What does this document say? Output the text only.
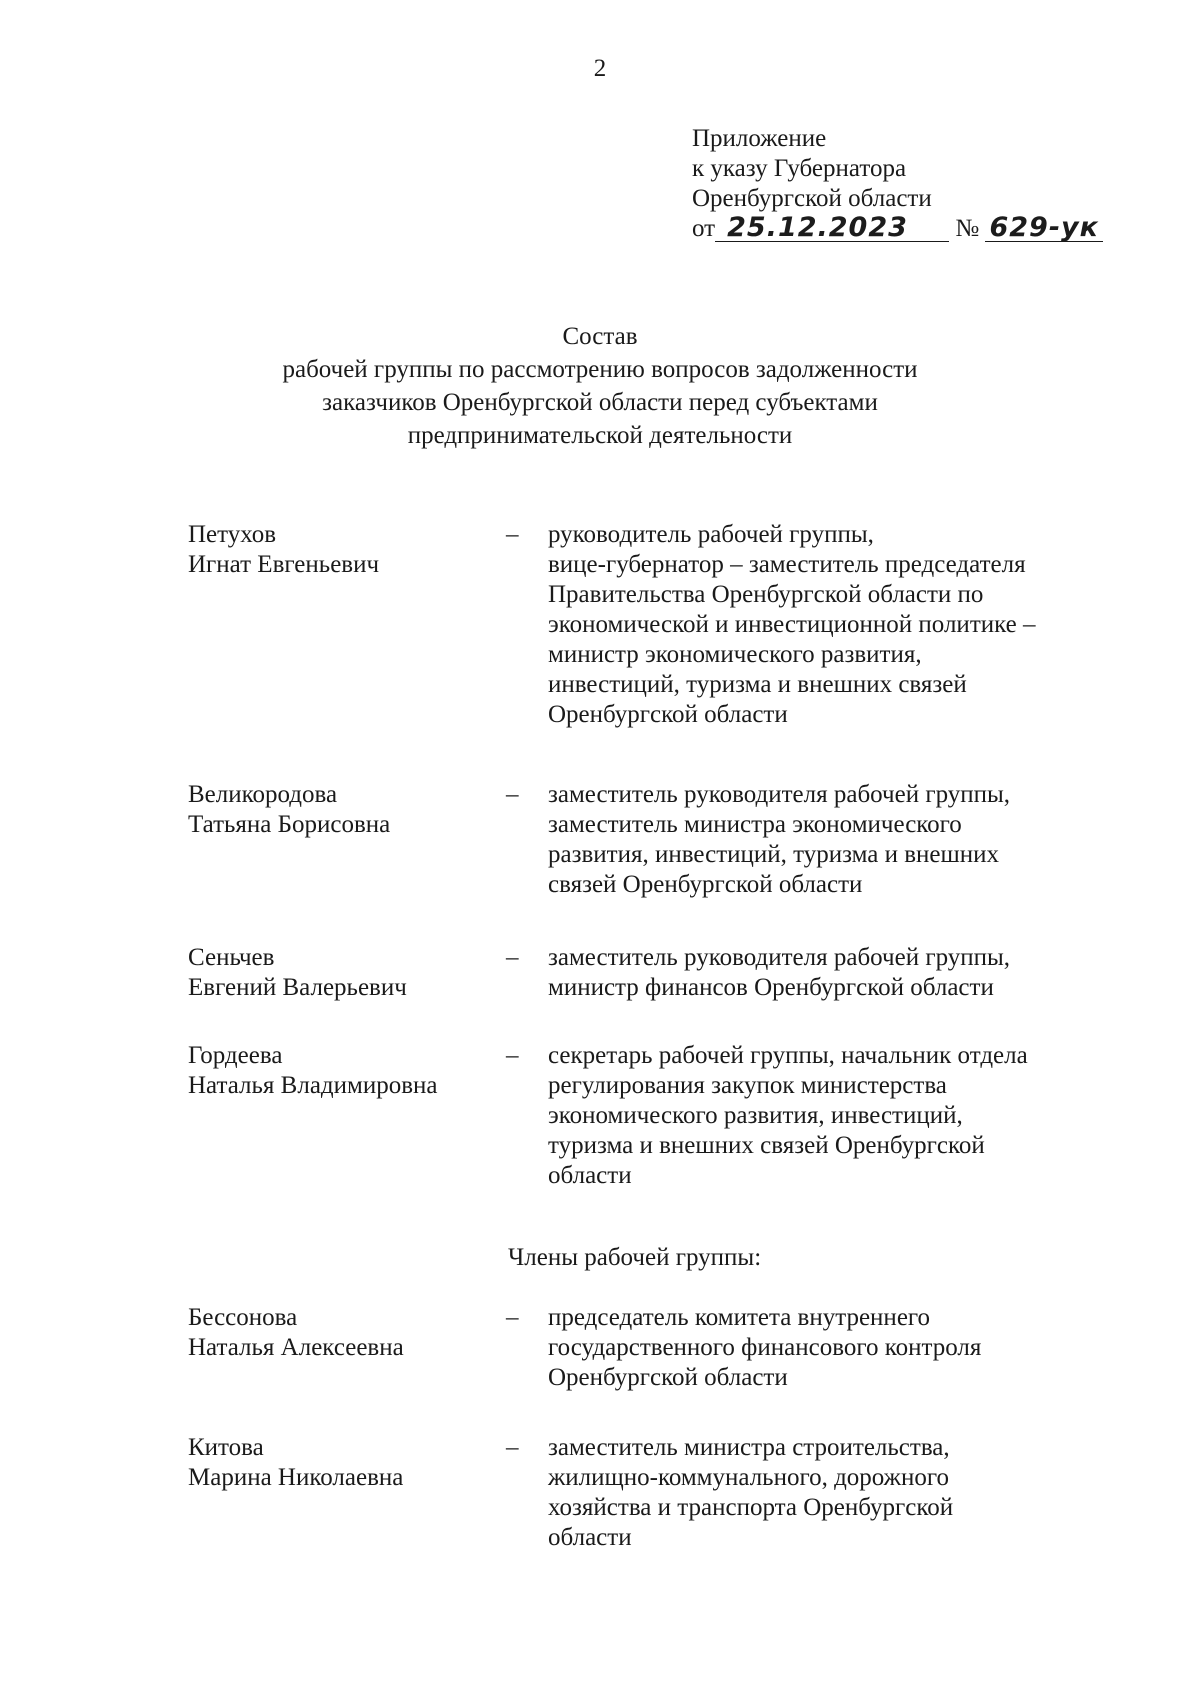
2
Приложение
к указу Губернатора
Оренбургской области
от 25.12.2023 № 629-ук
Состав
рабочей группы по рассмотрению вопросов задолженности
заказчиков Оренбургской области перед субъектами
предпринимательской деятельности
Петухов
Игнат Евгеньевич
– руководитель рабочей группы,
вице-губернатор – заместитель председателя
Правительства Оренбургской области по
экономической и инвестиционной политике –
министр экономического развития,
инвестиций, туризма и внешних связей
Оренбургской области
Великородова
Татьяна Борисовна
– заместитель руководителя рабочей группы,
заместитель министра экономического
развития, инвестиций, туризма и внешних
связей Оренбургской области
Сеньчев
Евгений Валерьевич
– заместитель руководителя рабочей группы,
министр финансов Оренбургской области
Гордеева
Наталья Владимировна
– секретарь рабочей группы, начальник отдела
регулирования закупок министерства
экономического развития, инвестиций,
туризма и внешних связей Оренбургской
области
Члены рабочей группы:
Бессонова
Наталья Алексеевна
– председатель комитета внутреннего
государственного финансового контроля
Оренбургской области
Китова
Марина Николаевна
– заместитель министра строительства,
жилищно-коммунального, дорожного
хозяйства и транспорта Оренбургской
области
